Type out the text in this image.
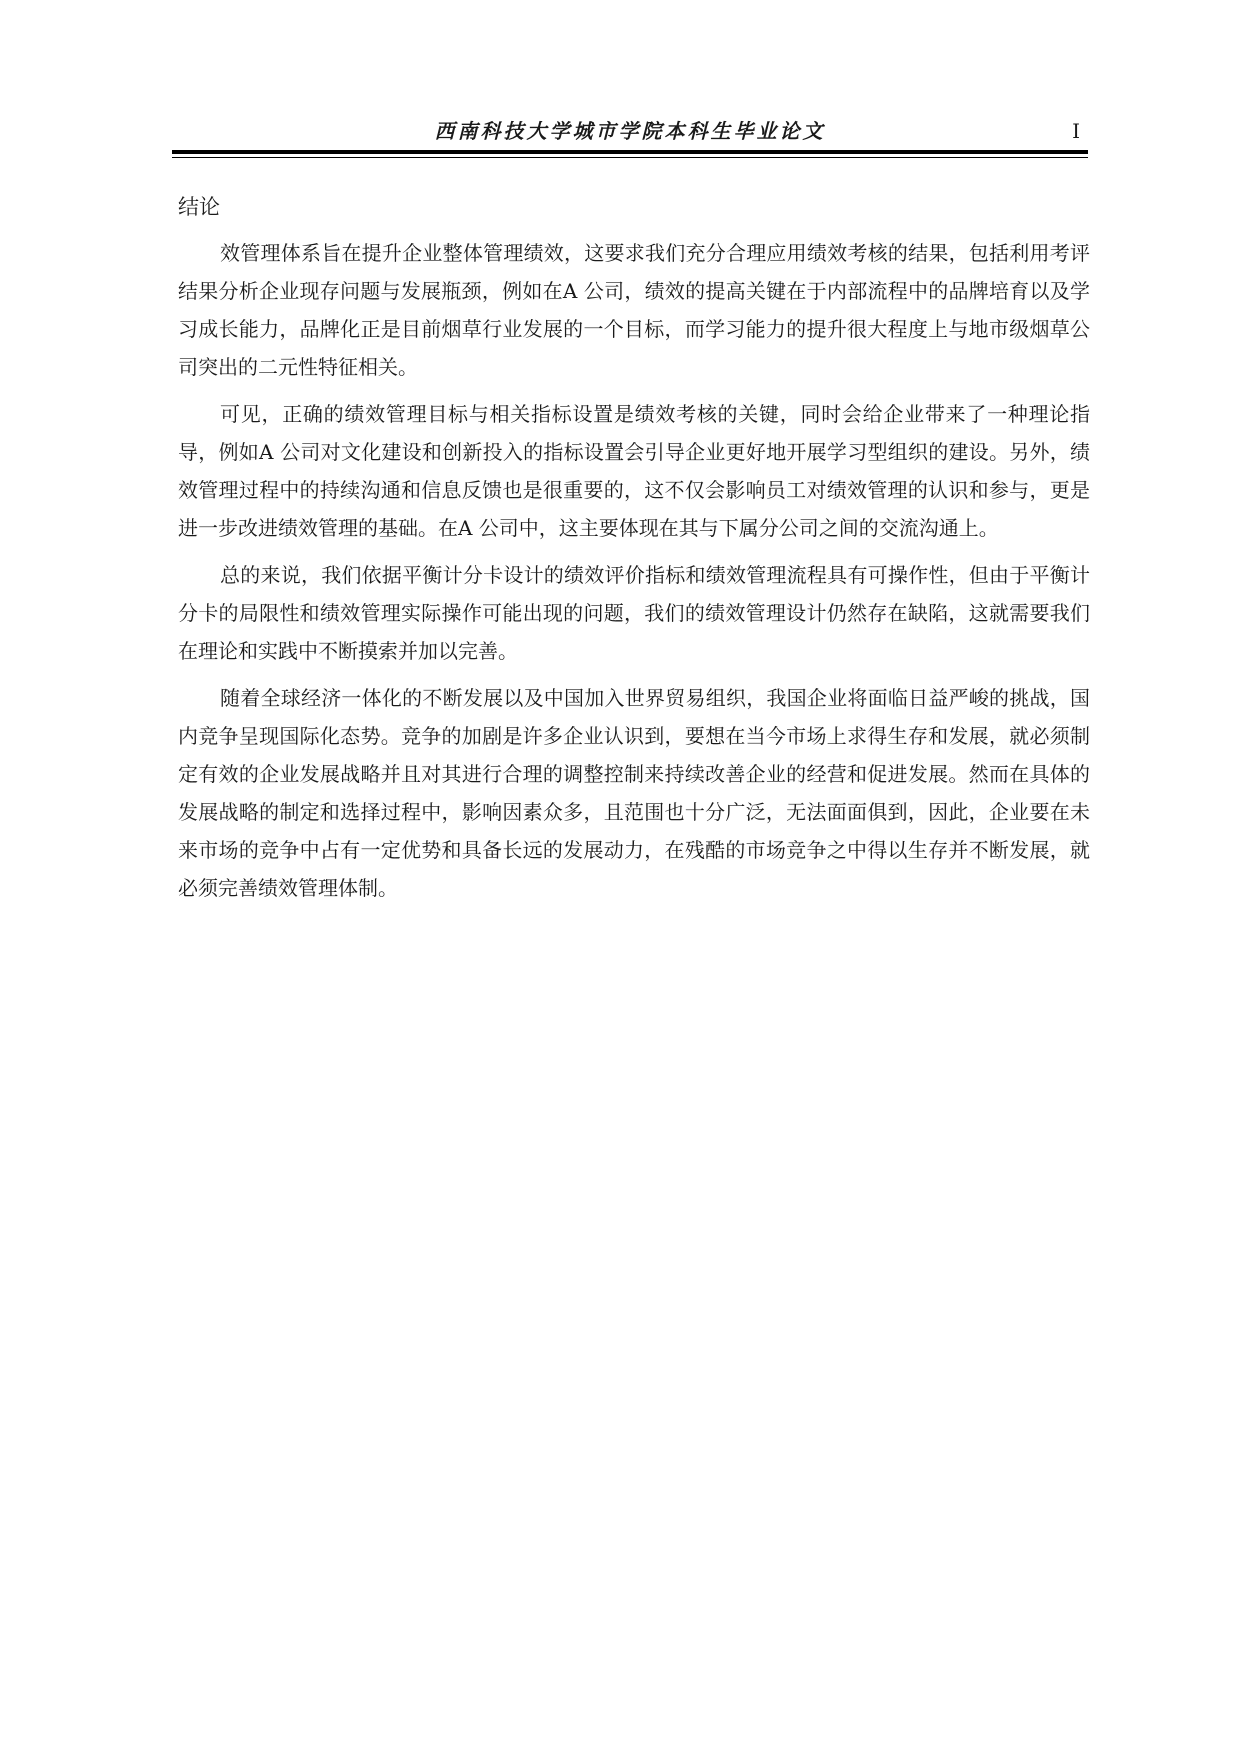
西南科技大学城市学院本科生毕业论文	I
结论

效管理体系旨在提升企业整体管理绩效，这要求我们充分合理应用绩效考核的结果，包括利用考评结果分析企业现存问题与发展瓶颈，例如在A 公司，绩效的提高关键在于内部流程中的品牌培育以及学习成长能力，品牌化正是目前烟草行业发展的一个目标，而学习能力的提升很大程度上与地市级烟草公司突出的二元性特征相关。

可见，正确的绩效管理目标与相关指标设置是绩效考核的关键，同时会给企业带来了一种理论指导，例如A 公司对文化建设和创新投入的指标设置会引导企业更好地开展学习型组织的建设。另外，绩效管理过程中的持续沟通和信息反馈也是很重要的，这不仅会影响员工对绩效管理的认识和参与，更是进一步改进绩效管理的基础。在A 公司中，这主要体现在其与下属分公司之间的交流沟通上。

总的来说，我们依据平衡计分卡设计的绩效评价指标和绩效管理流程具有可操作性，但由于平衡计分卡的局限性和绩效管理实际操作可能出现的问题，我们的绩效管理设计仍然存在缺陷，这就需要我们在理论和实践中不断摸索并加以完善。

随着全球经济一体化的不断发展以及中国加入世界贸易组织，我国企业将面临日益严峻的挑战，国内竞争呈现国际化态势。竞争的加剧是许多企业认识到，要想在当今市场上求得生存和发展，就必须制定有效的企业发展战略并且对其进行合理的调整控制来持续改善企业的经营和促进发展。然而在具体的发展战略的制定和选择过程中，影响因素众多，且范围也十分广泛，无法面面俱到，因此，企业要在未来市场的竞争中占有一定优势和具备长远的发展动力，在残酷的市场竞争之中得以生存并不断发展，就必须完善绩效管理体制。
